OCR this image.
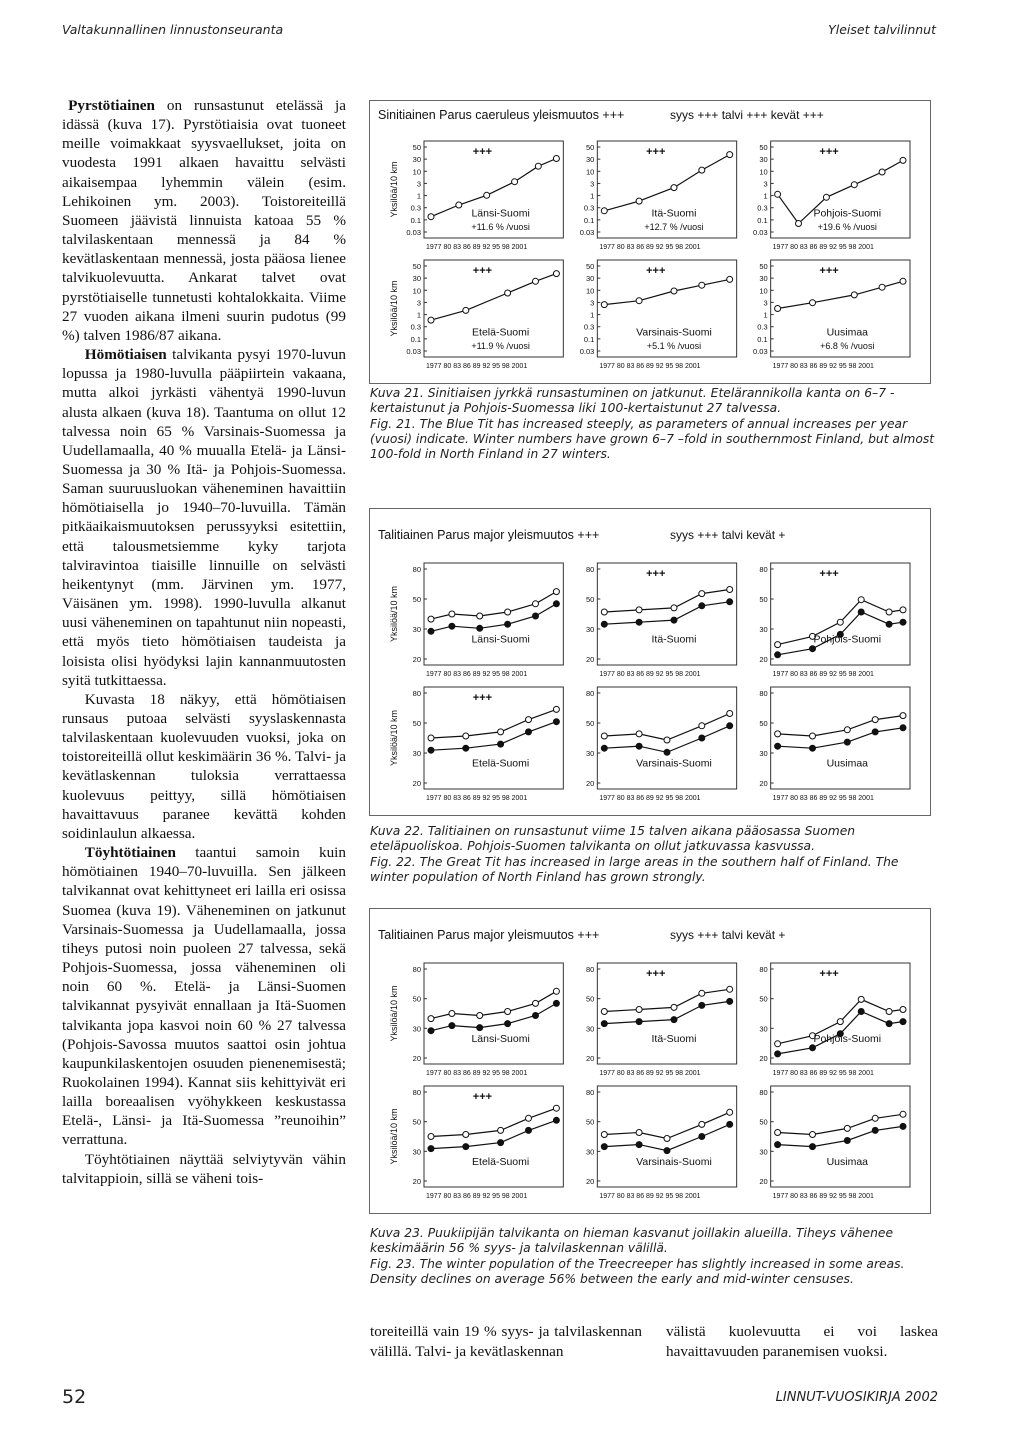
Valtakunnallinen linnustonseuranta	Yleiset talvilinnut

Pyrstötiainen on runsastunut etelässä ja idässä (kuva 17). Pyrstötiaisia ovat tuoneet meille voimakkaat syysvaellukset, joita on vuodesta 1991 alkaen havaittu selvästi aikaisempaa lyhemmin välein (esim. Lehikoinen ym. 2003). Toistoreiteillä Suomeen jäävistä linnuista katoaa 55 % talvilaskentaan mennessä ja 84 % kevätlaskentaan mennessä, josta pääosa lienee talvikuolevuutta. Ankarat talvet ovat pyrstötiaiselle tunnetusti kohtalokkaita. Viime 27 vuoden aikana ilmeni suurin pudotus (99 %) talven 1986/87 aikana.

Hömötiaisen talvikanta pysyi 1970-luvun lopussa ja 1980-luvulla pääpiirtein vakaana, mutta alkoi jyrkästi vähentyä 1990-luvun alusta alkaen (kuva 18). Taantuma on ollut 12 talvessa noin 65 % Varsinais-Suomessa ja Uudellamaalla, 40 % muualla Etelä- ja Länsi-Suomessa ja 30 % Itä- ja Pohjois-Suomessa. Saman suuruusluokan väheneminen havaittiin hömötiaisella jo 1940–70-luvuilla. Tämän pitkäaikaismuutoksen perussyyksi esitettiin, että talousmetsiemme kyky tarjota talviravintoa tiaisille linnuille on selvästi heikentynyt (mm. Järvinen ym. 1977, Väisänen ym. 1998). 1990-luvulla alkanut uusi väheneminen on tapahtunut niin nopeasti, että myös tieto hömötiaisen taudeista ja loisista olisi hyödyksi lajin kannanmuutosten syitä tutkittaessa.

Kuvasta 18 näkyy, että hömötiaisen runsaus putoaa selvästi syyslaskennasta talvilaskentaan kuolevuuden vuoksi, joka on toistoreiteillä ollut keskimäärin 36 %. Talvi- ja kevätlaskennan tuloksia verrattaessa kuolevuus peittyy, sillä hömötiaisen havaittavuus paranee kevättä kohden soidinlaulun alkaessa.

Töyhtötiainen taantui samoin kuin hömötiainen 1940–70-luvuilla. Sen jälkeen talvikannat ovat kehittyneet eri lailla eri osissa Suomea (kuva 19). Väheneminen on jatkunut Varsinais-Suomessa ja Uudellamaalla, jossa tiheys putosi noin puoleen 27 talvessa, sekä Pohjois-Suomessa, jossa väheneminen oli noin 60 %. Etelä- ja Länsi-Suomen talvikannat pysyivät ennallaan ja Itä-Suomen talvikanta jopa kasvoi noin 60 % 27 talvessa (Pohjois-Savossa muutos saattoi osin johtua kaupunkilaskentojen osuuden pienenemisestä; Ruokolainen 1994). Kannat siis kehittyivät eri lailla boreaalisen vyöhykkeen keskustassa Etelä-, Länsi- ja Itä-Suomessa ”reunoihin” verrattuna.

Töyhtötiainen näyttää selviytyvän vähin talvitappioin, sillä se väheni tois-

Sinitiainen Parus caeruleus yleismuutos +++	syys +++ talvi +++ kevät +++
50
30
10
3
1
0.3
0.1
0.03
Yksilöä/10 km
1977 80 83 86 89 92 95 98 2001
+++
Länsi-Suomi
+11.6 % /vuosi
50
30
10
3
1
0.3
0.1
0.03
1977 80 83 86 89 92 95 98 2001
+++
Itä-Suomi
+12.7 % /vuosi
50
30
10
3
1
0.3
0.1
0.03
1977 80 83 86 89 92 95 98 2001
+++
Pohjois-Suomi
+19.6 % /vuosi
50
30
10
3
1
0.3
0.1
0.03
Yksilöä/10 km
1977 80 83 86 89 92 95 98 2001
+++
Etelä-Suomi
+11.9 % /vuosi
50
30
10
3
1
0.3
0.1
0.03
1977 80 83 86 89 92 95 98 2001
+++
Varsinais-Suomi
+5.1 % /vuosi
50
30
10
3
1
0.3
0.1
0.03
1977 80 83 86 89 92 95 98 2001
+++
Uusimaa
+6.8 % /vuosi

Kuva 21. Sinitiaisen jyrkkä runsastuminen on jatkunut. Etelärannikolla kanta on 6–7 -kertaistunut ja Pohjois-Suomessa liki 100-kertaistunut 27 talvessa.

Fig. 21. The Blue Tit has increased steeply, as parameters of annual increases per year (vuosi) indicate. Winter numbers have grown 6–7 –fold in southernmost Finland, but almost 100-fold in North Finland in 27 winters.

Talitiainen Parus major yleismuutos +++	syys +++ talvi kevät +
80
50
30
20
Yksilöä/10 km
1977 80 83 86 89 92 95 98 2001
Länsi-Suomi
80
50
30
20
1977 80 83 86 89 92 95 98 2001
+++
Itä-Suomi
80
50
30
20
1977 80 83 86 89 92 95 98 2001
+++
Pohjois-Suomi
80
50
30
20
Yksilöä/10 km
1977 80 83 86 89 92 95 98 2001
+++
Etelä-Suomi
80
50
30
20
1977 80 83 86 89 92 95 98 2001
Varsinais-Suomi
80
50
30
20
1977 80 83 86 89 92 95 98 2001
Uusimaa

Kuva 22. Talitiainen on runsastunut viime 15 talven aikana pääosassa Suomen eteläpuoliskoa. Pohjois-Suomen talvikanta on ollut jatkuvassa kasvussa.

Fig. 22. The Great Tit has increased in large areas in the southern half of Finland. The winter population of North Finland has grown strongly.

Talitiainen Parus major yleismuutos +++	syys +++ talvi kevät +
80
50
30
20
Yksilöä/10 km
1977 80 83 86 89 92 95 98 2001
Länsi-Suomi
80
50
30
20
1977 80 83 86 89 92 95 98 2001
+++
Itä-Suomi
80
50
30
20
1977 80 83 86 89 92 95 98 2001
+++
Pohjois-Suomi
80
50
30
20
Yksilöä/10 km
1977 80 83 86 89 92 95 98 2001
+++
Etelä-Suomi
80
50
30
20
1977 80 83 86 89 92 95 98 2001
Varsinais-Suomi
80
50
30
20
1977 80 83 86 89 92 95 98 2001
Uusimaa

Kuva 23. Puukiipijän talvikanta on hieman kasvanut joillakin alueilla. Tiheys vähenee keskimäärin 56 % syys- ja talvilaskennan välillä.

Fig. 23. The winter population of the Treecreeper has slightly increased in some areas. Density declines on average 56% between the early and mid-winter censuses.

toreiteillä vain 19 % syys- ja talvilaskennan välillä. Talvi- ja kevätlaskennan
välistä kuolevuutta ei voi laskea havaittavuuden paranemisen vuoksi.
52	LINNUT-VUOSIKIRJA 2002
